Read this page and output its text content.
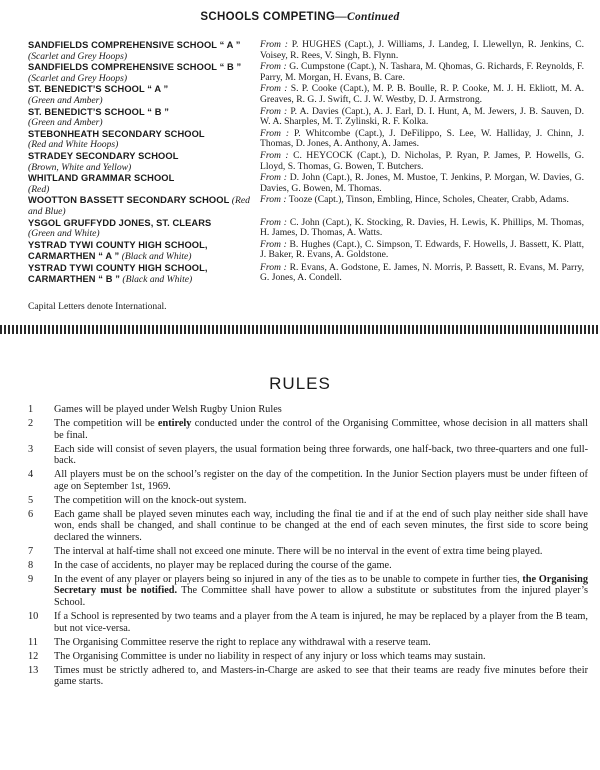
SCHOOLS COMPETING—Continued
SANDFIELDS COMPREHENSIVE SCHOOL “ A ” (Scarlet and Grey Hoops)
From : P. HUGHES (Capt.), J. Williams, J. Landeg, I. Llewellyn, R. Jenkins, C. Voisey, R. Rees, V. Singh, B. Flynn.
SANDFIELDS COMPREHENSIVE SCHOOL “ B ” (Scarlet and Grey Hoops)
From : G. Cumpstone (Capt.), N. Tashara, M. Qhomas, G. Richards, F. Reynolds, F. Parry, M. Morgan, H. Evans, B. Care.
ST. BENEDICT’S SCHOOL “ A ”
(Green and Amber)
From : S. P. Cooke (Capt.), M. P. B. Boulle, R. P. Cooke, M. J. H. Ekliott, M. A. Greaves, R. G. J. Swift, C. J. W. Westby, D. J. Armstrong.
ST. BENEDICT’S SCHOOL “ B ”
(Green and Amber)
From : P. A. Davies (Capt.), A. J. Earl, D. I. Hunt, A, M. Jewers, J. B. Sauven, D. W. A. Sharples, M. T. Zylinski, R. F. Kolka.
STEBONHEATH SECONDARY SCHOOL
(Red and White Hoops)
From : P. Whitcombe (Capt.), J. DeFilippo, S. Lee, W. Halliday, J. Chinn, J. Thomas, D. Jones, A. Anthony, A. James.
STRADEY SECONDARY SCHOOL
(Brown, White and Yellow)
From : C. HEYCOCK (Capt.), D. Nicholas, P. Ryan, P. James, P. Howells, G. Lloyd, S. Thomas, G. Bowen, T. Butchers.
WHITLAND GRAMMAR SCHOOL
(Red)
From : D. John (Capt.), R. Jones, M. Mustoe, T. Jenkins, P. Morgan, W. Davies, G. Davies, G. Bowen, M. Thomas.
WOOTTON BASSETT SECONDARY SCHOOL (Red and Blue)
From : Tooze (Capt.), Tinson, Embling, Hince, Scholes, Cheater, Crabb, Adams.
YSGOL GRUFFYDD JONES, ST. CLEARS
(Green and White)
From : C. John (Capt.), K. Stocking, R. Davies, H. Lewis, K. Phillips, M. Thomas, H. James, D. Thomas, A. Watts.
YSTRAD TYWI COUNTY HIGH SCHOOL, CARMARTHEN “ A ” (Black and White)
From : B. Hughes (Capt.), C. Simpson, T. Edwards, F. Howells, J. Bassett, K. Platt, J. Baker, R. Evans, A. Goldstone.
YSTRAD TYWI COUNTY HIGH SCHOOL, CARMARTHEN “ B ” (Black and White)
From : R. Evans, A. Godstone, E. James, N. Morris, P. Bassett, R. Evans, M. Parry, G. Jones, A. Condell.
Capital Letters denote International.
RULES
1	Games will be played under Welsh Rugby Union Rules
2	The competition will be entirely conducted under the control of the Organising Committee, whose decision in all matters shall be final.
3	Each side will consist of seven players, the usual formation being three forwards, one half-back, two three-quarters and one full-back.
4	All players must be on the school’s register on the day of the competition. In the Junior Section players must be under fifteen of age on September 1st, 1969.
5	The competition will on the knock-out system.
6	Each game shall be played seven minutes each way, including the final tie and if at the end of such play neither side shall have won, ends shall be changed, and shall continue to be changed at the end of each seven minutes, the first side to score being declared the winners.
7	The interval at half-time shall not exceed one minute. There will be no interval in the event of extra time being played.
8	In the case of accidents, no player may be replaced during the course of the game.
9	In the event of any player or players being so injured in any of the ties as to be unable to compete in further ties, the Organising Secretary must be notified. The Committee shall have power to allow a substitute or substitutes from the injured player’s School.
10	If a School is represented by two teams and a player from the A team is injured, he may be replaced by a player from the B team, but not vice-versa.
11	The Organising Committee reserve the right to replace any withdrawal with a reserve team.
12	The Organising Committee is under no liability in respect of any injury or loss which teams may sustain.
13	Times must be strictly adhered to, and Masters-in-Charge are asked to see that their teams are ready five minutes before their game starts.
